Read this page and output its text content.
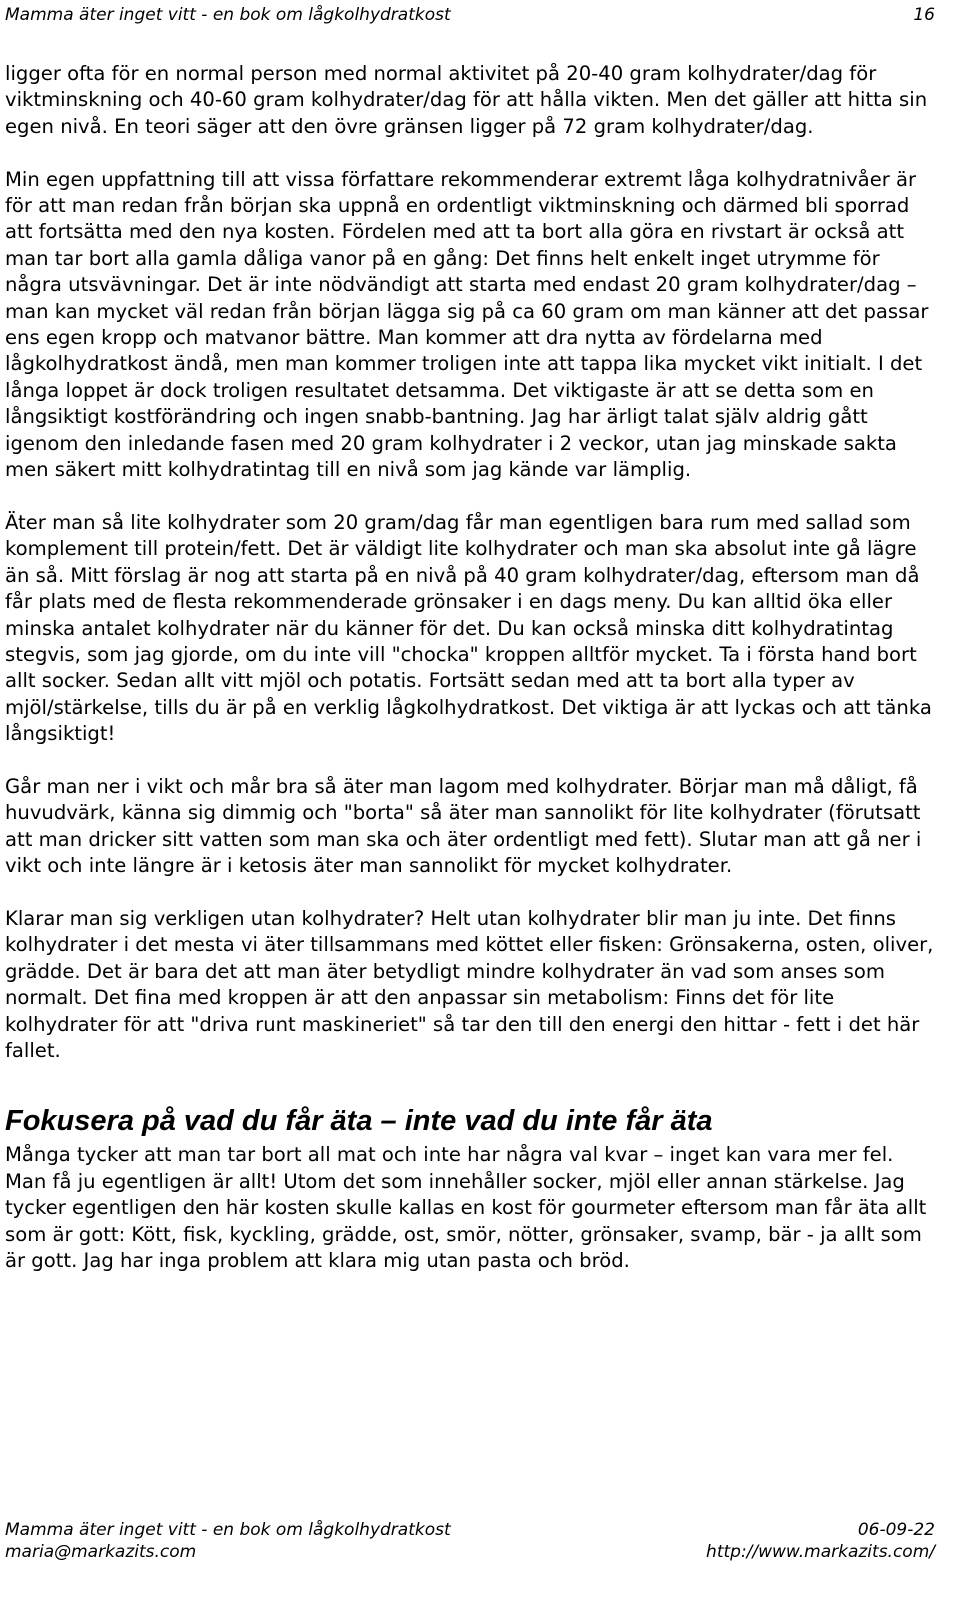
Mamma äter inget vitt - en bok om lågkolhydratkost	16

ligger ofta för en normal person med normal aktivitet på 20-40 gram kolhydrater/dag för viktminskning och 40-60 gram kolhydrater/dag för att hålla vikten. Men det gäller att hitta sin egen nivå. En teori säger att den övre gränsen ligger på 72 gram kolhydrater/dag.

Min egen uppfattning till att vissa författare rekommenderar extremt låga kolhydratnivåer är för att man redan från början ska uppnå en ordentligt viktminskning och därmed bli sporrad att fortsätta med den nya kosten. Fördelen med att ta bort alla göra en rivstart är också att man tar bort alla gamla dåliga vanor på en gång: Det finns helt enkelt inget utrymme för några utsvävningar. Det är inte nödvändigt att starta med endast 20 gram kolhydrater/dag – man kan mycket väl redan från början lägga sig på ca 60 gram om man känner att det passar ens egen kropp och matvanor bättre. Man kommer att dra nytta av fördelarna med lågkolhydratkost ändå, men man kommer troligen inte att tappa lika mycket vikt initialt. I det långa loppet är dock troligen resultatet detsamma. Det viktigaste är att se detta som en långsiktigt kostförändring och ingen snabb-bantning. Jag har ärligt talat själv aldrig gått igenom den inledande fasen med 20 gram kolhydrater i 2 veckor, utan jag minskade sakta men säkert mitt kolhydratintag till en nivå som jag kände var lämplig.

Äter man så lite kolhydrater som 20 gram/dag får man egentligen bara rum med sallad som komplement till protein/fett. Det är väldigt lite kolhydrater och man ska absolut inte gå lägre än så. Mitt förslag är nog att starta på en nivå på 40 gram kolhydrater/dag, eftersom man då får plats med de flesta rekommenderade grönsaker i en dags meny. Du kan alltid öka eller minska antalet kolhydrater när du känner för det. Du kan också minska ditt kolhydratintag stegvis, som jag gjorde, om du inte vill "chocka" kroppen alltför mycket. Ta i första hand bort allt socker. Sedan allt vitt mjöl och potatis. Fortsätt sedan med att ta bort alla typer av mjöl/stärkelse, tills du är på en verklig lågkolhydratkost. Det viktiga är att lyckas och att tänka långsiktigt!

Går man ner i vikt och mår bra så äter man lagom med kolhydrater. Börjar man må dåligt, få huvudvärk, känna sig dimmig och "borta" så äter man sannolikt för lite kolhydrater (förutsatt att man dricker sitt vatten som man ska och äter ordentligt med fett). Slutar man att gå ner i vikt och inte längre är i ketosis äter man sannolikt för mycket kolhydrater.

Klarar man sig verkligen utan kolhydrater? Helt utan kolhydrater blir man ju inte. Det finns kolhydrater i det mesta vi äter tillsammans med köttet eller fisken: Grönsakerna, osten, oliver, grädde. Det är bara det att man äter betydligt mindre kolhydrater än vad som anses som normalt. Det fina med kroppen är att den anpassar sin metabolism: Finns det för lite kolhydrater för att "driva runt maskineriet" så tar den till den energi den hittar - fett i det här fallet.

Fokusera på vad du får äta – inte vad du inte får äta

Många tycker att man tar bort all mat och inte har några val kvar – inget kan vara mer fel. Man få ju egentligen är allt! Utom det som innehåller socker, mjöl eller annan stärkelse. Jag tycker egentligen den här kosten skulle kallas en kost för gourmeter eftersom man får äta allt som är gott: Kött, fisk, kyckling, grädde, ost, smör, nötter, grönsaker, svamp, bär - ja allt som är gott. Jag har inga problem att klara mig utan pasta och bröd.

Mamma äter inget vitt - en bok om lågkolhydratkost	06-09-22
maria@markazits.com	http://www.markazits.com/
